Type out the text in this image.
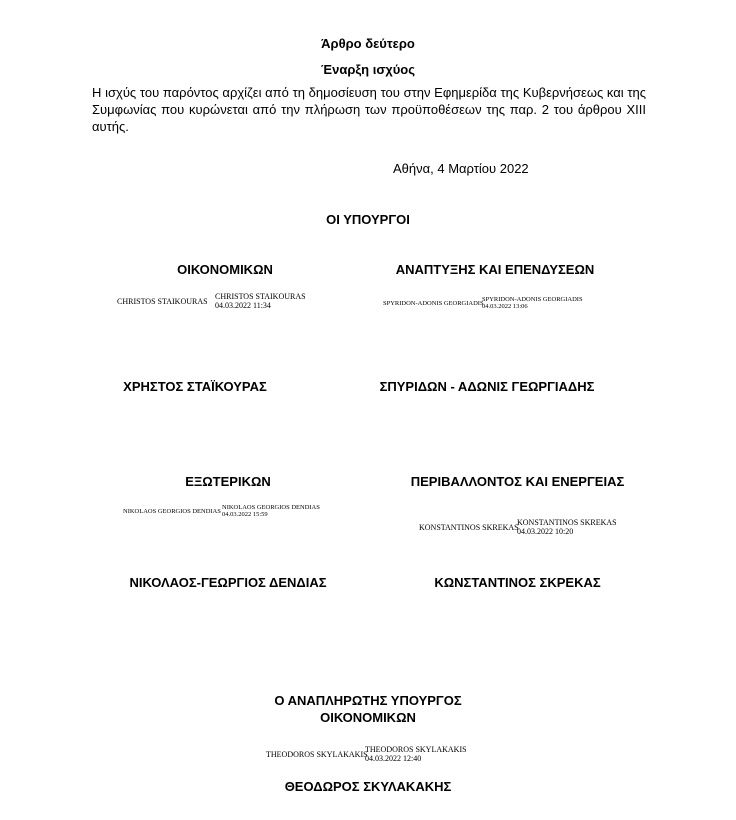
Άρθρο δεύτερο
Έναρξη ισχύος
Η ισχύς του παρόντος αρχίζει από τη δημοσίευση του στην Εφημερίδα της Κυβερνήσεως και της Συμφωνίας που κυρώνεται από την πλήρωση των προϋποθέσεων της παρ. 2 του άρθρου XIII αυτής.
Αθήνα, 4 Μαρτίου 2022
ΟΙ ΥΠΟΥΡΓΟΙ
ΟΙΚΟΝΟΜΙΚΩΝ
CHRISTOS STAIKOURAS
CHRISTOS STAIKOURAS
04.03.2022 11:34
ΧΡΗΣΤΟΣ ΣΤΑΪΚΟΥΡΑΣ
ΑΝΑΠΤΥΞΗΣ ΚΑΙ ΕΠΕΝΔΥΣΕΩΝ
SPYRIDON-ADONIS GEORGIADIS
SPYRIDON-ADONIS GEORGIADIS
04.03.2022 13:06
ΣΠΥΡΙΔΩΝ - ΑΔΩΝΙΣ ΓΕΩΡΓΙΑΔΗΣ
ΕΞΩΤΕΡΙΚΩΝ
NIKOLAOS GEORGIOS DENDIAS
NIKOLAOS GEORGIOS DENDIAS
04.03.2022 15:59
ΝΙΚΟΛΑΟΣ-ΓΕΩΡΓΙΟΣ ΔΕΝΔΙΑΣ
ΠΕΡΙΒΑΛΛΟΝΤΟΣ ΚΑΙ ΕΝΕΡΓΕΙΑΣ
KONSTANTINOS SKREKAS
KONSTANTINOS SKREKAS
04.03.2022 10:20
ΚΩΝΣΤΑΝΤΙΝΟΣ ΣΚΡΕΚΑΣ
Ο ΑΝΑΠΛΗΡΩΤΗΣ ΥΠΟΥΡΓΟΣ
ΟΙΚΟΝΟΜΙΚΩΝ
THEODOROS SKYLAKAKIS
THEODOROS SKYLAKAKIS
04.03.2022 12:40
ΘΕΟΔΩΡΟΣ ΣΚΥΛΑΚΑΚΗΣ
